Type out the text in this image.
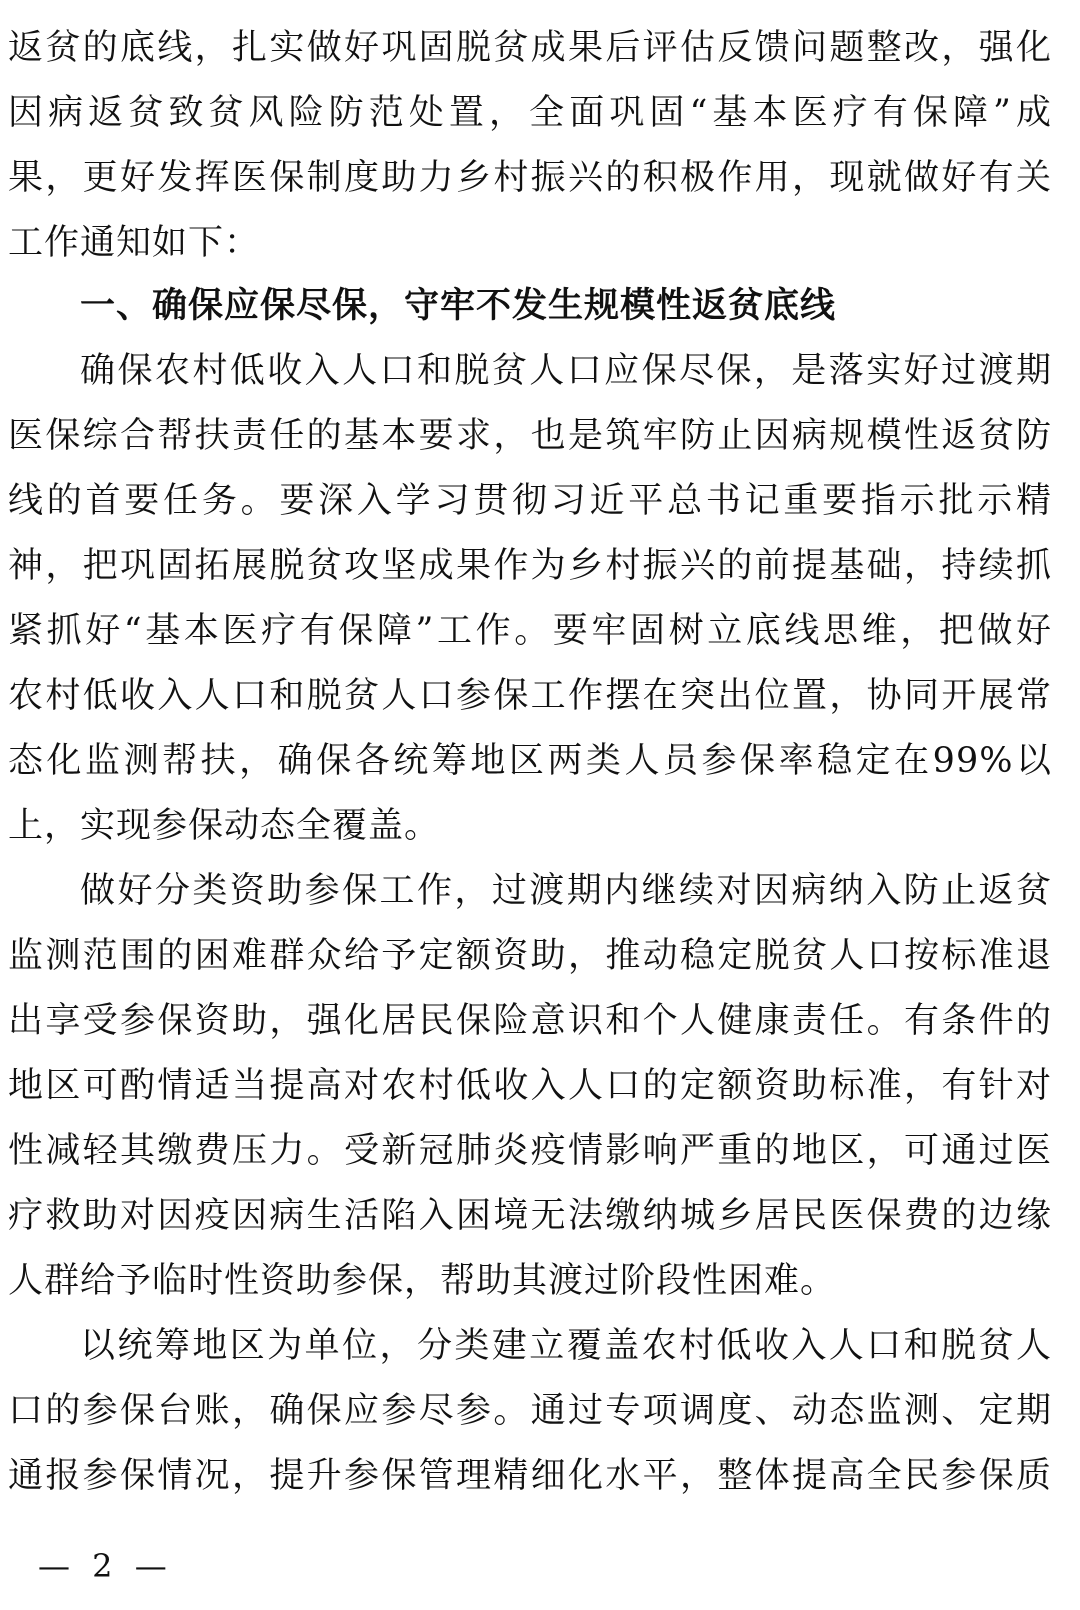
返贫的底线，扎实做好巩固脱贫成果后评估反馈问题整改，强化
因病返贫致贫风险防范处置，全面巩固“基本医疗有保障”成
果，更好发挥医保制度助力乡村振兴的积极作用，现就做好有关
工作通知如下：
一、确保应保尽保，守牢不发生规模性返贫底线
确保农村低收入人口和脱贫人口应保尽保，是落实好过渡期
医保综合帮扶责任的基本要求，也是筑牢防止因病规模性返贫防
线的首要任务。要深入学习贯彻习近平总书记重要指示批示精
神，把巩固拓展脱贫攻坚成果作为乡村振兴的前提基础，持续抓
紧抓好“基本医疗有保障”工作。要牢固树立底线思维，把做好
农村低收入人口和脱贫人口参保工作摆在突出位置，协同开展常
态化监测帮扶，确保各统筹地区两类人员参保率稳定在99%以
上，实现参保动态全覆盖。
做好分类资助参保工作，过渡期内继续对因病纳入防止返贫
监测范围的困难群众给予定额资助，推动稳定脱贫人口按标准退
出享受参保资助，强化居民保险意识和个人健康责任。有条件的
地区可酌情适当提高对农村低收入人口的定额资助标准，有针对
性减轻其缴费压力。受新冠肺炎疫情影响严重的地区，可通过医
疗救助对因疫因病生活陷入困境无法缴纳城乡居民医保费的边缘
人群给予临时性资助参保，帮助其渡过阶段性困难。
以统筹地区为单位，分类建立覆盖农村低收入人口和脱贫人
口的参保台账，确保应参尽参。通过专项调度、动态监测、定期
通报参保情况，提升参保管理精细化水平，整体提高全民参保质
— 2 —
